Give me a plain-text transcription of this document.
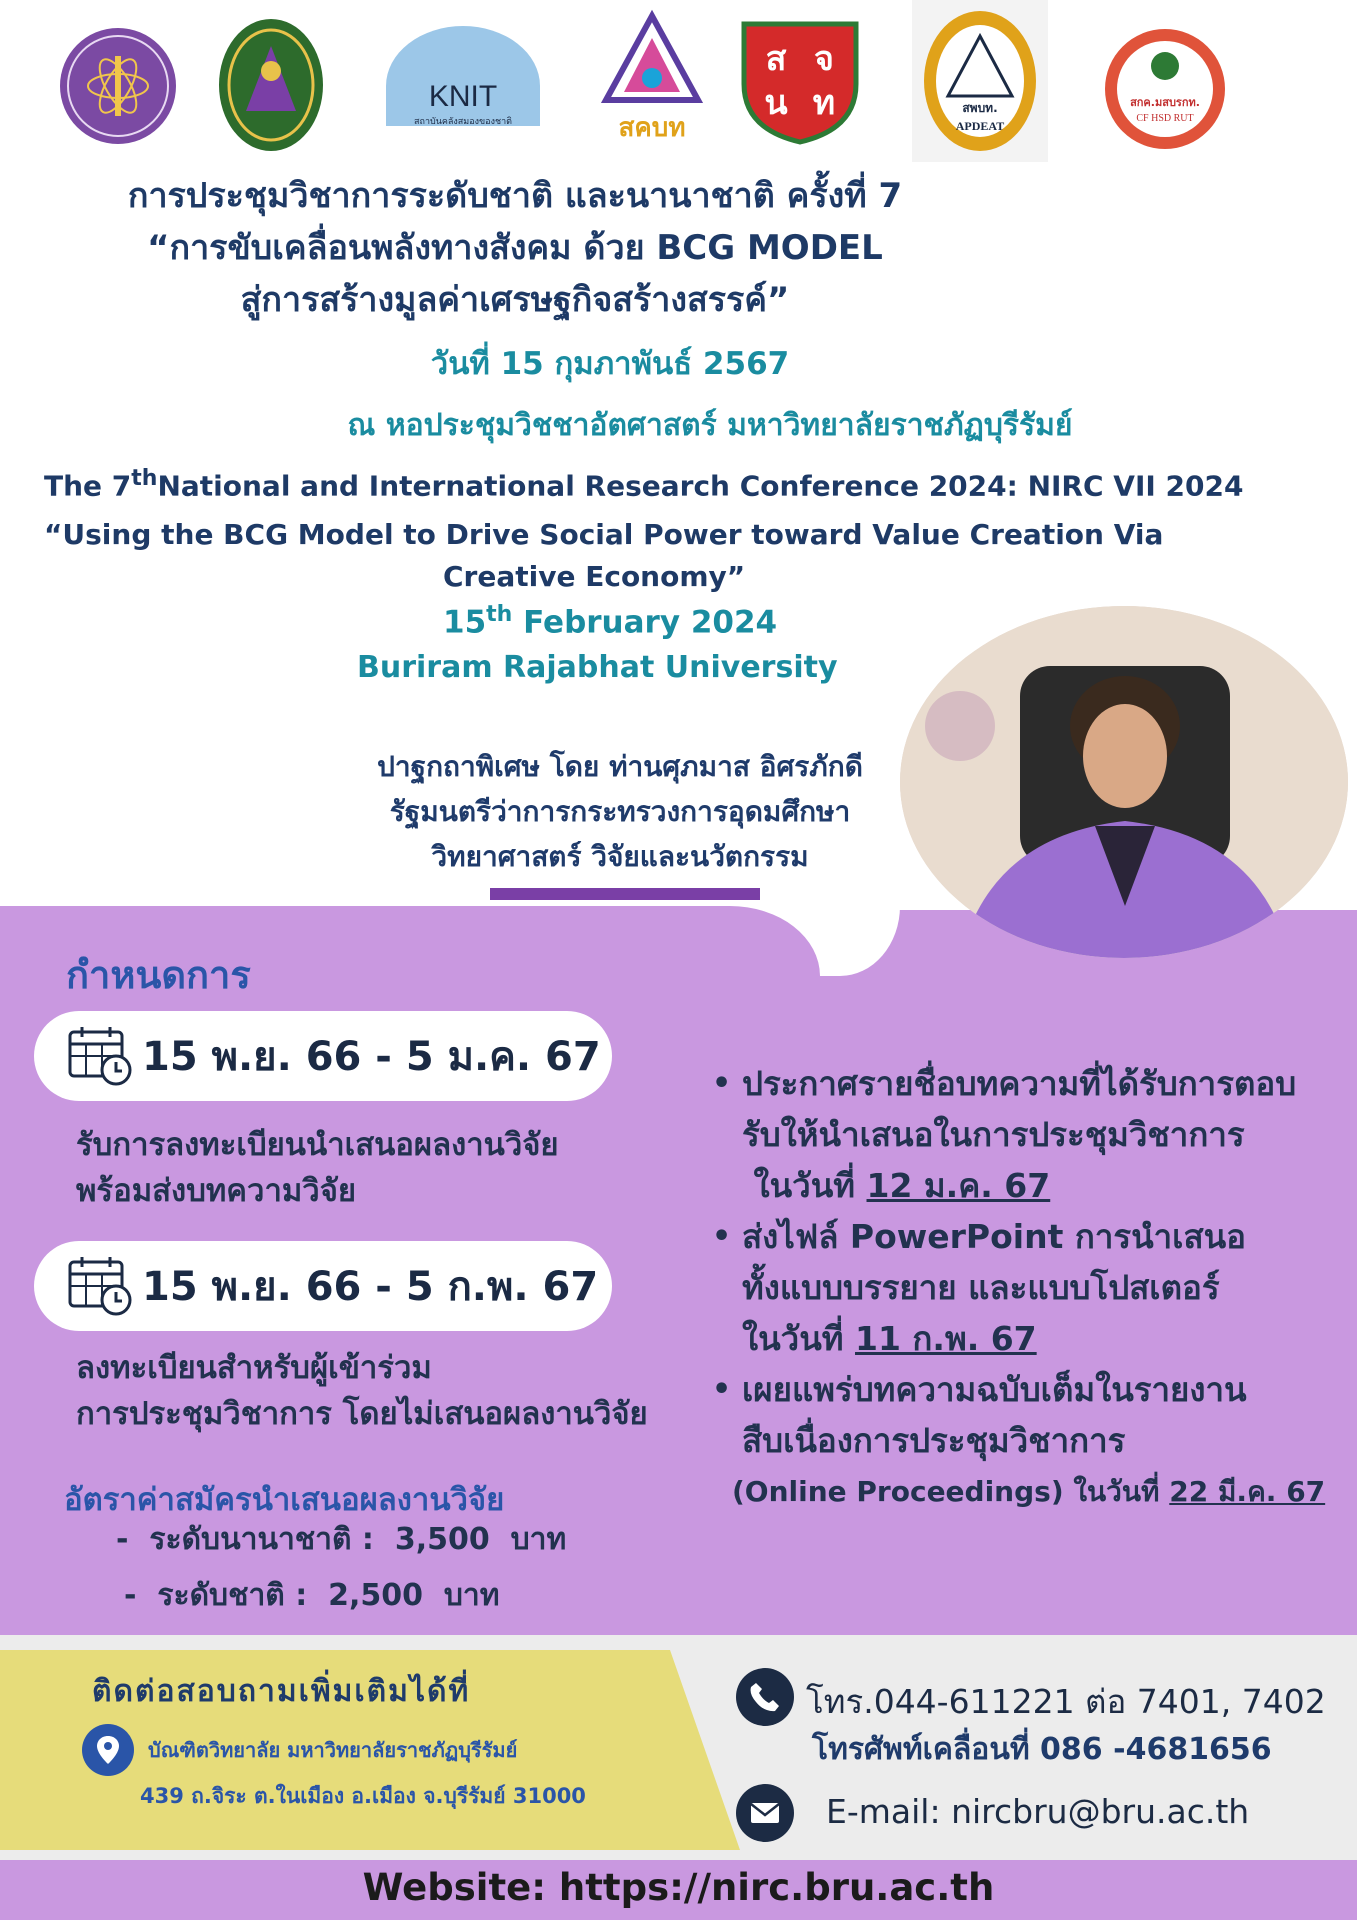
KNIT
สถาบันคลังสมองของชาติ	สคบท
ส จ
น ท	สพบท.
APDEAT
สกค.มสบรกท.
CF HSD RUT
การประชุมวิชาการระดับชาติ และนานาชาติ ครั้งที่ 7
“การขับเคลื่อนพลังทางสังคม ด้วย BCG MODEL
สู่การสร้างมูลค่าเศรษฐกิจสร้างสรรค์”
วันที่ 15 กุมภาพันธ์ 2567
ณ หอประชุมวิชชาอัตศาสตร์ มหาวิทยาลัยราชภัฏบุรีรัมย์
The 7thNational and International Research Conference 2024: NIRC VII 2024
“Using the BCG Model to Drive Social Power toward Value Creation Via
Creative Economy”
15th February 2024
Buriram Rajabhat University
ปาฐกถาพิเศษ โดย ท่านศุภมาส อิศรภักดี
รัฐมนตรีว่าการกระทรวงการอุดมศึกษา
วิทยาศาสตร์ วิจัยและนวัตกรรม
กำหนดการ
15 พ.ย. 66 - 5 ม.ค. 67
รับการลงทะเบียนนำเสนอผลงานวิจัย
พร้อมส่งบทความวิจัย
15 พ.ย. 66 - 5 ก.พ. 67
ลงทะเบียนสำหรับผู้เข้าร่วม
การประชุมวิชาการ โดยไม่เสนอผลงานวิจัย
อัตราค่าสมัครนำเสนอผลงานวิจัย
-  ระดับนานาชาติ :  3,500  บาท
-  ระดับชาติ :  2,500  บาท
• ประกาศรายชื่อบทความที่ได้รับการตอบ
รับให้นำเสนอในการประชุมวิชาการ
ในวันที่ 12 ม.ค. 67
• ส่งไฟล์ PowerPoint การนำเสนอ
ทั้งแบบบรรยาย และแบบโปสเตอร์
ในวันที่ 11 ก.พ. 67
• เผยแพร่บทความฉบับเต็มในรายงาน
สืบเนื่องการประชุมวิชาการ
(Online Proceedings) ในวันที่ 22 มี.ค. 67
ติดต่อสอบถามเพิ่มเติมได้ที่
บัณฑิตวิทยาลัย มหาวิทยาลัยราชภัฏบุรีรัมย์
439 ถ.จิระ ต.ในเมือง อ.เมือง จ.บุรีรัมย์ 31000
โทร.044-611221 ต่อ 7401, 7402
โทรศัพท์เคลื่อนที่ 086 -4681656
E-mail: nircbru@bru.ac.th
Website: https://nirc.bru.ac.th
